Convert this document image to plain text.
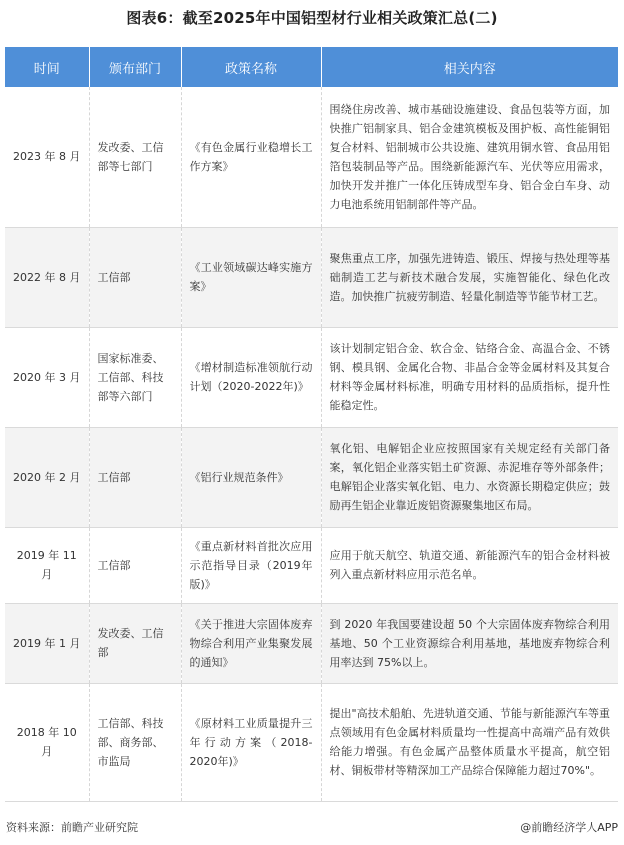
图表6：截至2025年中国铝型材行业相关政策汇总(二)
时间	颁布部门	政策名称	相关内容
2023 年 8 月	发改委、工信部等七部门	《有色金属行业稳增长工作方案》	围绕住房改善、城市基础设施建设、食品包装等方面，加快推广铝制家具、铝合金建筑模板及围护板、高性能铜铝复合材料、铝制城市公共设施、建筑用铜水管、食品用铝箔包装制品等产品。围绕新能源汽车、光伏等应用需求，加快开发并推广一体化压铸成型车身、铝合金白车身、动力电池系统用铝制部件等产品。
2022 年 8 月	工信部	《工业领域碳达峰实施方案》	聚焦重点工序，加强先进铸造、锻压、焊接与热处理等基础制造工艺与新技术融合发展，实施智能化、绿色化改造。加快推广抗疲劳制造、轻量化制造等节能节材工艺。
2020 年 3 月	国家标准委、工信部、科技部等六部门	《增材制造标准领航行动计划（2020-2022年)》	该计划制定铝合金、软合金、钴络合金、高温合金、不锈钢、模具钢、金属化合物、非晶合金等金属材料及其复合材料等金属材料标准，明确专用材料的品质指标，提升性能稳定性。
2020 年 2 月	工信部	《铝行业规范条件》	氧化铝、电解铝企业应按照国家有关规定经有关部门备案，氧化铝企业落实铝土矿资源、赤泥堆存等外部条件；电解铝企业落实氧化铝、电力、水资源长期稳定供应；鼓励再生铝企业靠近废铝资源聚集地区布局。
2019 年 11 月	工信部	《重点新材料首批次应用示范指导目录（2019年版)》	应用于航天航空、轨道交通、新能源汽车的铝合金材料被列入重点新材料应用示范名单。
2019 年 1 月	发改委、工信部	《关于推进大宗固体废弃物综合利用产业集聚发展的通知》	到 2020 年我国要建设超 50 个大宗固体废弃物综合利用基地、50 个工业资源综合利用基地，基地废弃物综合利用率达到 75%以上。
2018 年 10 月	工信部、科技部、商务部、市监局	《原材料工业质量提升三年行动方案（2018-2020年)》	提出"高技术船舶、先进轨道交通、节能与新能源汽车等重点领域用有色金属材料质量均一性提高中高端产品有效供给能力增强。有色金属产品整体质量水平提高，航空铝材、铜板带材等精深加工产品综合保障能力超过70%"。
资料来源：前瞻产业研究院	@前瞻经济学人APP
